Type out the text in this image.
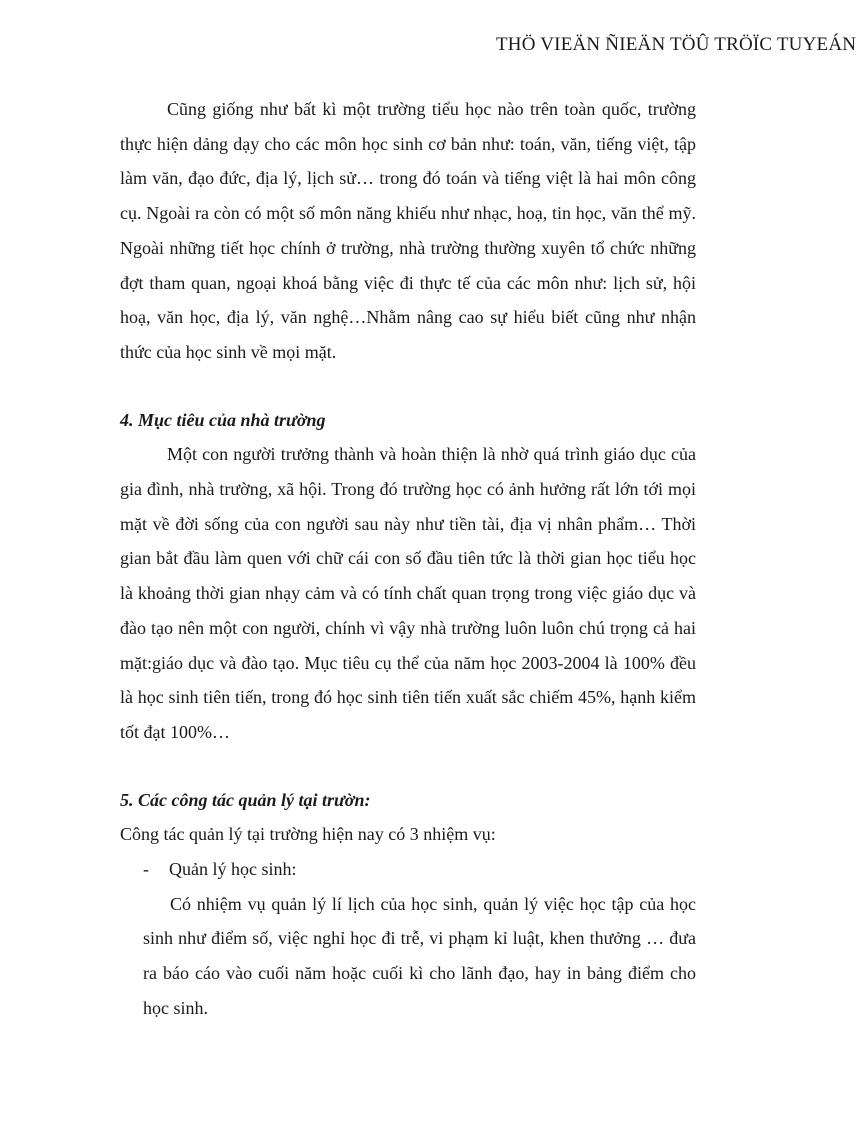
THÖ VIEÄN ÑIEÄN TÖÛ TRÖÏC TUYEÁN

Cũng giống như bất kì một trường tiểu học nào trên toàn quốc, trường thực hiện dảng dạy cho các môn học sinh cơ bản như: toán, văn, tiếng việt, tập làm văn, đạo đức, địa lý, lịch sử… trong đó toán và tiếng việt là hai môn công cụ. Ngoài ra còn có một số môn năng khiếu như nhạc, hoạ, tin học, văn thể mỹ. Ngoài những tiết học chính ở trường, nhà trường thường xuyên tổ chức những đợt tham quan, ngoại khoá bằng việc đi thực tế của các môn như: lịch sử, hội hoạ, văn học, địa lý, văn nghệ…Nhằm nâng cao sự hiểu biết cũng như nhận thức của học sinh về mọi mặt.

4. Mục tiêu của nhà trường

Một con người trưởng thành và hoàn thiện là nhờ quá trình giáo dục của gia đình, nhà trường, xã hội. Trong đó trường học có ảnh hưởng rất lớn tới mọi mặt về đời sống của con người sau này như tiền tài, địa vị nhân phẩm… Thời gian bắt đầu làm quen với chữ cái con số đầu tiên tức là thời gian học tiểu học là khoảng thời gian nhạy cảm và có tính chất quan trọng trong việc giáo dục và đào tạo nên một con người, chính vì vậy nhà trường luôn luôn chú trọng cả hai mặt:giáo dục và đào tạo. Mục tiêu cụ thể của năm học 2003-2004 là 100% đều là học sinh tiên tiến, trong đó học sinh tiên tiến xuất sắc chiếm 45%, hạnh kiểm tốt đạt 100%…

5. Các công tác quản lý tại trườn:

Công tác quản lý tại trường hiện nay có 3 nhiệm vụ:

- Quản lý học sinh:

Có nhiệm vụ quản lý lí lịch của học sinh, quản lý việc học tập của học sinh như điểm số, việc nghỉ học đi trễ, vi phạm kỉ luật, khen thưởng … đưa ra báo cáo vào cuối năm hoặc cuối kì cho lãnh đạo, hay in bảng điểm cho học sinh.
